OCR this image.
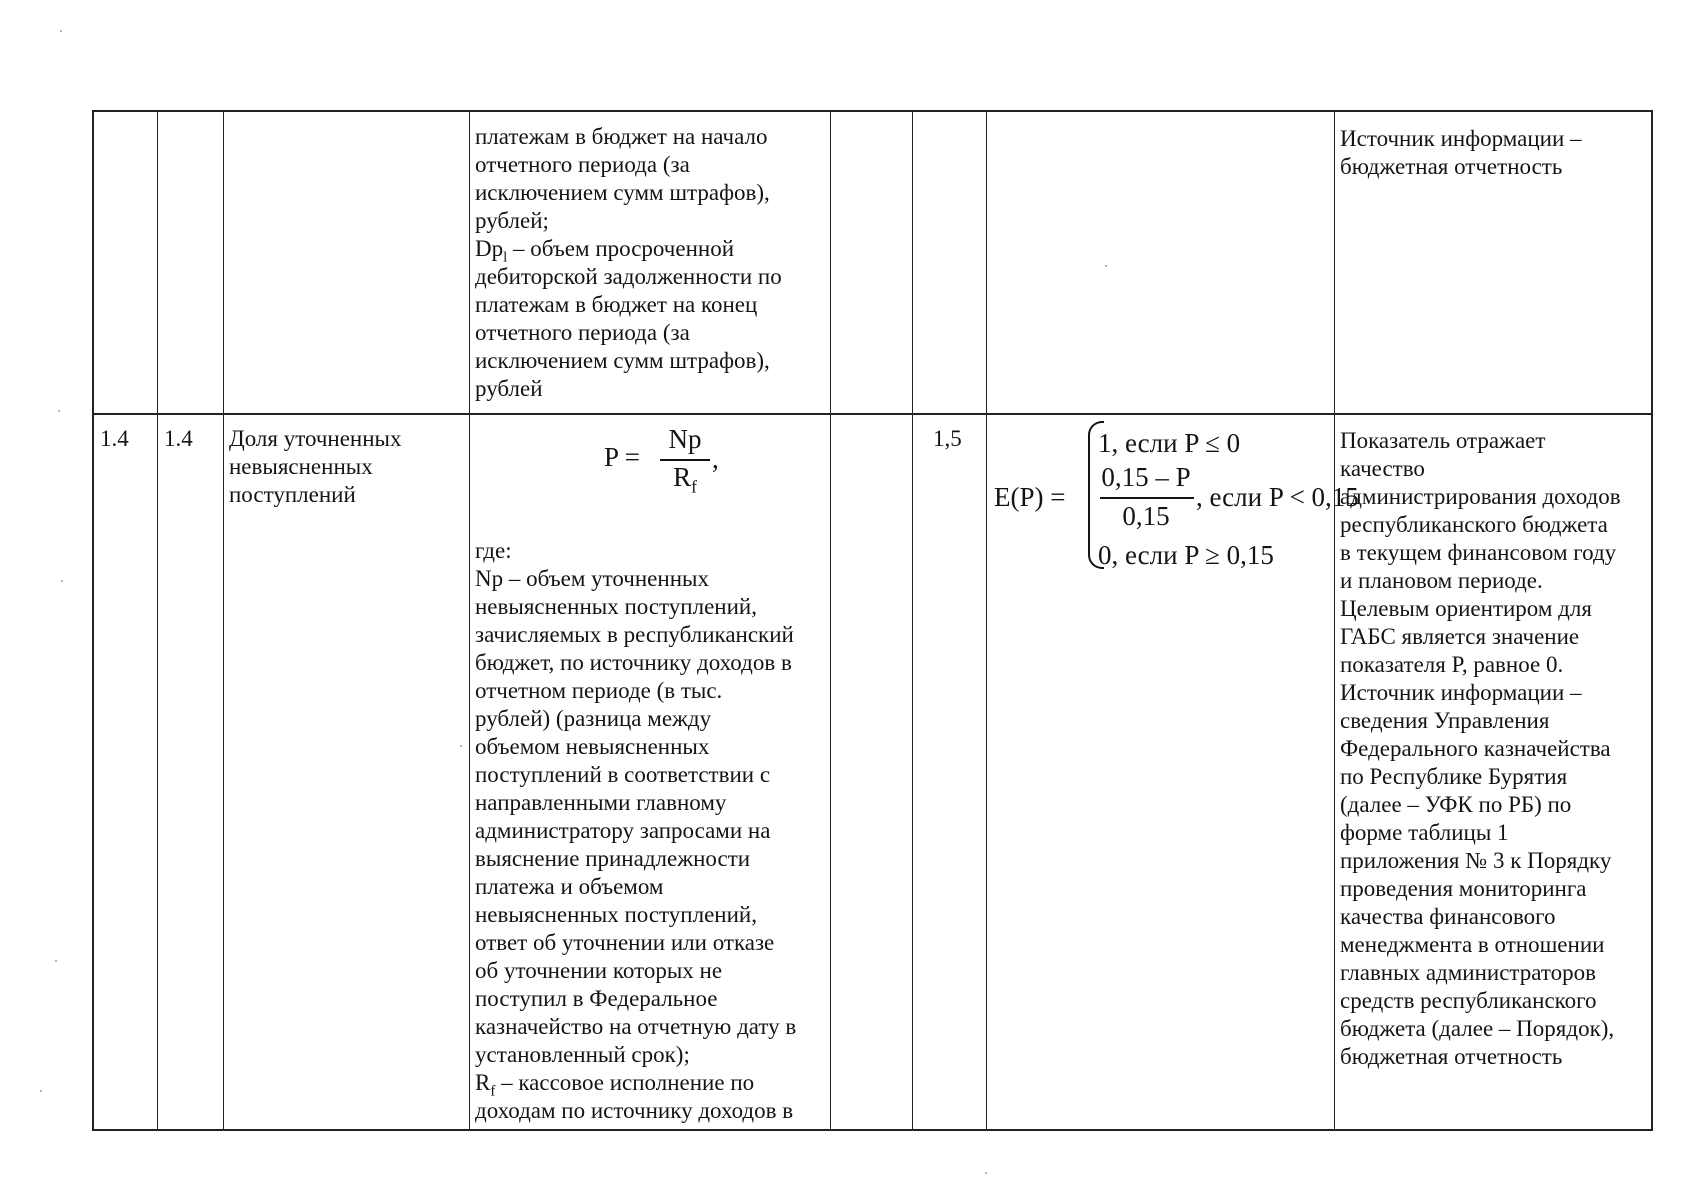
платежам в бюджет на начало
отчетного периода (за
исключением сумм штрафов),
рублей;
$Dp_l$ – объем просроченной
дебиторской задолженности по
платежам в бюджет на конец
отчетного периода (за
исключением сумм штрафов),
рублей
Источник информации –
бюджетная отчетность
1.4 1.4 Доля уточненных
невыясненных
поступлений
P =
Np
$R_f$
,
где:
Np – объем уточненных
невыясненных поступлений,
зачисляемых в республиканский
бюджет, по источнику доходов в
отчетном периоде (в тыс.
рублей) (разница между
объемом невыясненных
поступлений в соответствии с
направленными главному
администратору запросами на
выяснение принадлежности
платежа и объемом
невыясненных поступлений,
ответ об уточнении или отказе
об уточнении которых не
поступил в Федеральное
казначейство на отчетную дату в
установленный срок);
$R_f$ – кассовое исполнение по
доходам по источнику доходов в
1,5
E(P) =
1, если P ≤ 0
0,15 – P
0,15
, если P < 0,15
0, если P ≥ 0,15
Показатель отражает
качество
администрирования доходов
республиканского бюджета
в текущем финансовом году
и плановом периоде.
Целевым ориентиром для
ГАБС является значение
показателя P, равное 0.
Источник информации –
сведения Управления
Федерального казначейства
по Республике Бурятия
(далее – УФК по РБ) по
форме таблицы 1
приложения № 3 к Порядку
проведения мониторинга
качества финансового
менеджмента в отношении
главных администраторов
средств республиканского
бюджета (далее – Порядок),
бюджетная отчетность
